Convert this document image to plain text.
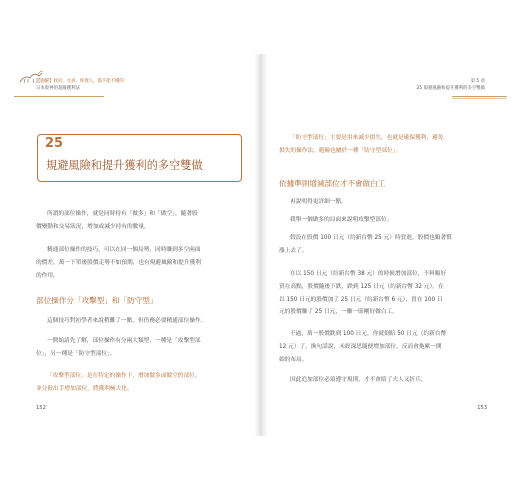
【圖解】政府、官員、經理人，都不能不懂的
日本股神的超級獲利法
25
規避風險和提升獲利的多空雙做
所謂的部位操作，就是同時持有「做多」和「做空」，隨著股
價變動和交易狀況，增加或減少持有的數量。
精通部位操作的技巧，可以在同一個局勢，同時賺到多空兩面
的價差，萬一下單後股價走勢不如預期，也有規避風險和提升獲利
的作用。
部位操作分「攻擊型」和「防守型」
這個技巧對初學者來說稍難了一點，但仍務必要精通部位操作。
一開始請先了解，部位操作有分兩大類型，一種是「攻擊型部
位」，另一種是「防守型部位」。
「攻擊型部位」是在特定的操作下，增加做多或做空的部位，
並分批出手增加部位，將獲利極大化。
152
第 5 章
25 規避風險和提升獲利的多空雙做
「防守型部位」主要是用來減少損失，也就是確保獲利，避免
損失的操作法，避險也屬於一種「防守型部位」。
依據準則增減部位才不會做白工
再說明得更詳細一點。
我舉一個做多的局面來說明攻擊型部位。
假設在股價 100 日元（約新台幣 25 元）時買進，股價也順著慣
漲上去了。
在以 150 日元（約新台幣 38 元）的時候增加部位，不料順好
買在高點，股價隨後下跌，跌到 125 日元（約新台幣 32 元）。在
以 150 日元的股價加了 25 日元（約新台幣 6 元），買在 100 日
元的股價賺了 25 日元，一賺一賠剛好做白工。
不過，萬一股價跌到 100 日元，你就倒賠 50 日元（約新台幣
12 元）了，換句話說，未經深思隨便增加部位，反而會拖累一開
始的布局。
因此追加部位必須遵守規則，才不會賠了夫人又折兵。
153
